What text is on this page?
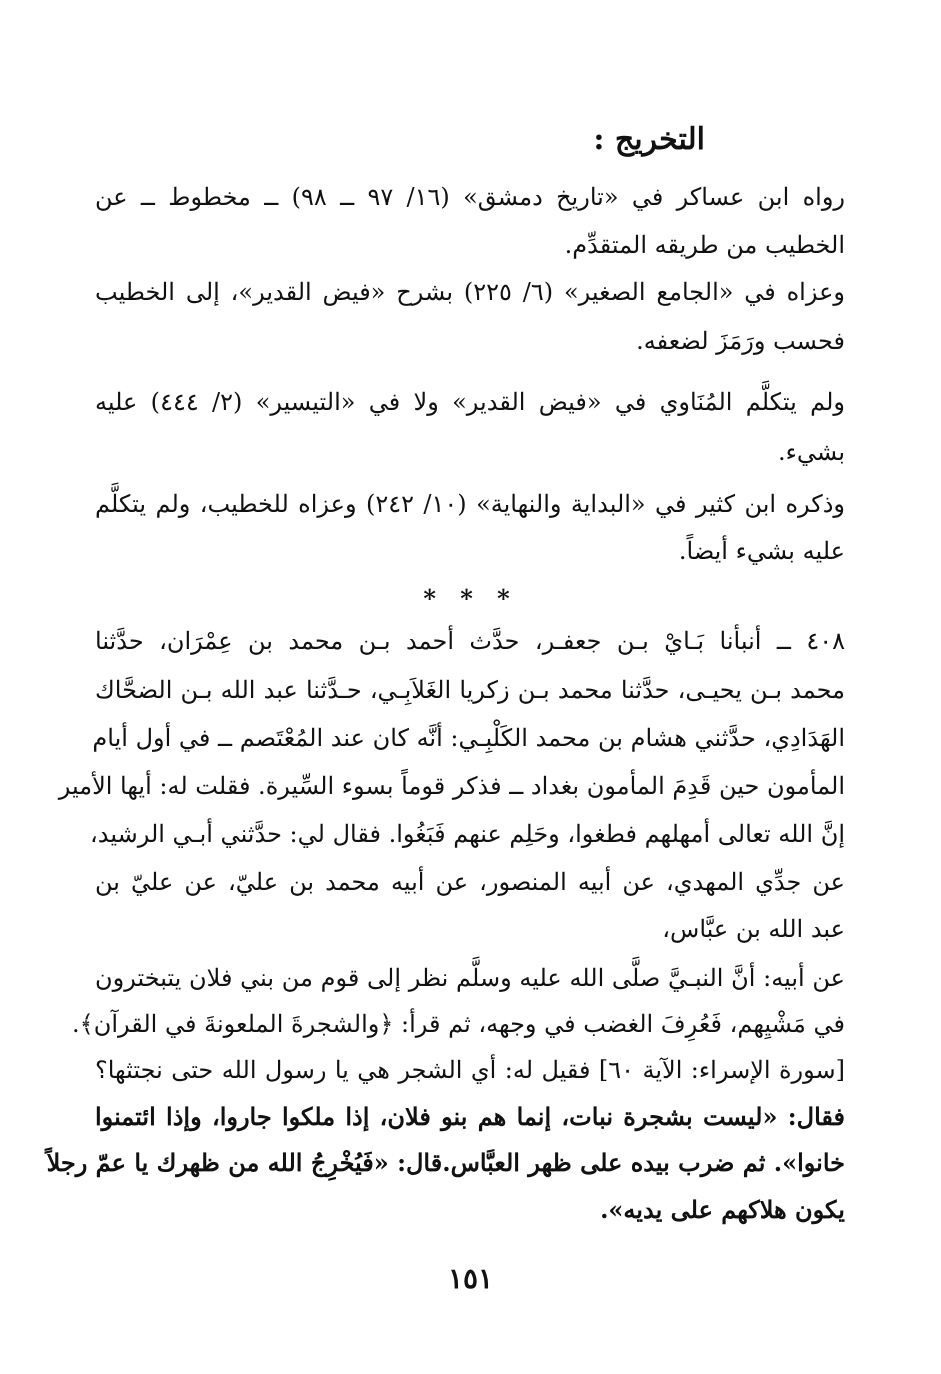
التخريج :
رواه ابن عساكر في «تاريخ دمشق» (١٦/ ٩٧ ــ ٩٨) ــ مخطوط ــ عن
الخطيب من طريقه المتقدِّم.
وعزاه في «الجامع الصغير» (٦/ ٢٢٥) بشرح «فيض القدير»، إلى الخطيب
فحسب ورَمَزَ لضعفه.
ولم يتكلَّم المُنَاوي في «فيض القدير» ولا في «التيسير» (٢/ ٤٤٤) عليه
بشيء.
وذكره ابن كثير في «البداية والنهاية» (١٠/ ٢٤٢) وعزاه للخطيب، ولم يتكلَّم
عليه بشيء أيضاً.
* * *
٤٠٨ ــ أنبأنا بَـايْ بـن جعفـر، حدَّث أحمد بـن محمد بن عِمْرَان، حدَّثنا
محمد بـن يحيـى، حدَّثنا محمد بـن زكريا الغَلاَبِـي، حـدَّثنا عبد الله بـن الضحَّاك
الهَدَادِي، حدَّثني هشام بن محمد الكَلْبِـي: أنَّه كان عند المُعْتَصم ــ في أول أيام
المأمون حين قَدِمَ المأمون بغداد ــ فذكر قوماً بسوء السِّيرة. فقلت له: أيها الأمير
إنَّ الله تعالى أمهلهم فطغوا، وحَلِم عنهم فَبَغُوا. فقال لي: حدَّثني أبـي الرشيد،
عن جدِّي المهدي، عن أبيه المنصور، عن أبيه محمد بن عليّ، عن عليّ بن
عبد الله بن عبَّاس،
عن أبيه: أنَّ النبـيَّ صلَّى الله عليه وسلَّم نظر إلى قوم من بني فلان يتبخترون
في مَشْيِهم، فَعُرِفَ الغضب في وجهه، ثم قرأ: ﴿والشجرةَ الملعونةَ في القرآن﴾.
[سورة الإسراء: الآية ٦٠] فقيل له: أي الشجر هي يا رسول الله حتى نجتثها؟
فقال: «ليست بشجرة نبات، إنما هم بنو فلان، إذا ملكوا جاروا، وإذا ائتمنوا
خانوا». ثم ضرب بيده على ظهر العبَّاس.قال: «فَيُخْرِجُ الله من ظهرك يا عمّ رجلاً
يكون هلاكهم على يديه».
١٥١
